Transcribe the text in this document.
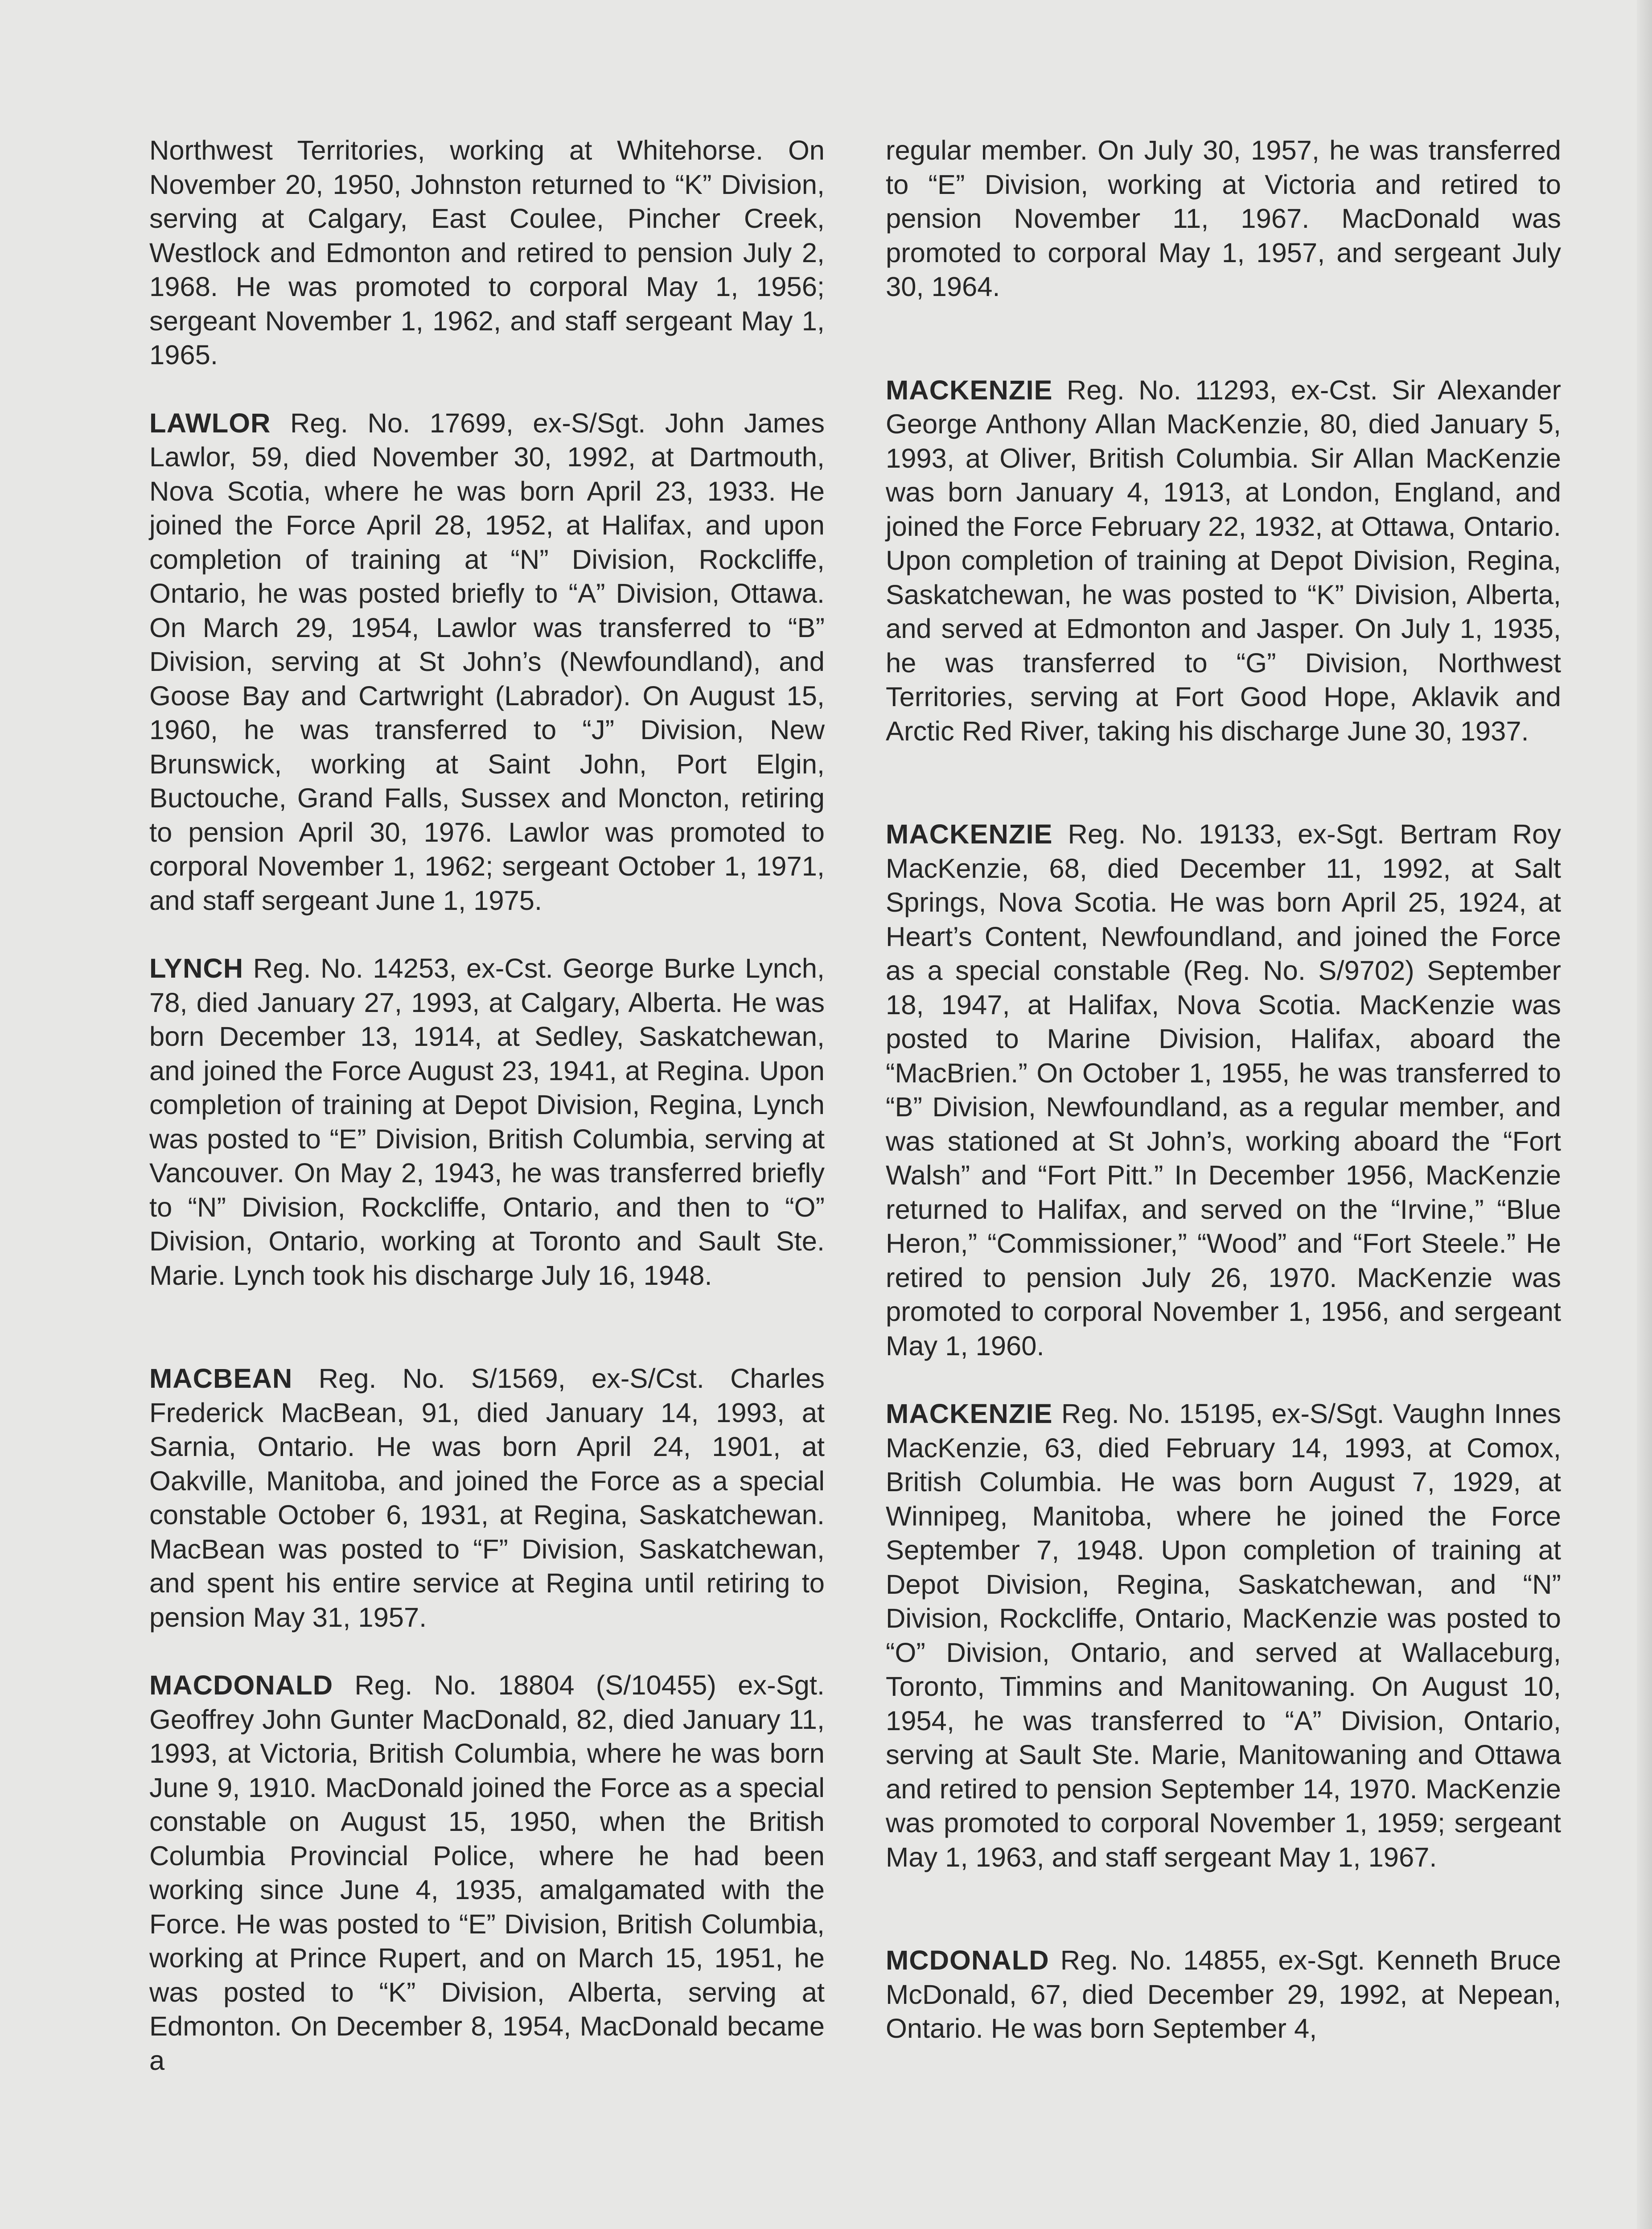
Northwest Territories, working at Whitehorse. On November 20, 1950, Johnston returned to “K” Division, serving at Calgary, East Coulee, Pincher Creek, Westlock and Edmonton and retired to pension July 2, 1968. He was promoted to corporal May 1, 1956; sergeant November 1, 1962, and staff sergeant May 1, 1965.

LAWLOR Reg. No. 17699, ex-S/Sgt. John James Lawlor, 59, died November 30, 1992, at Dartmouth, Nova Scotia, where he was born April 23, 1933. He joined the Force April 28, 1952, at Halifax, and upon completion of training at “N” Division, Rockcliffe, Ontario, he was posted briefly to “A” Division, Ottawa. On March 29, 1954, Lawlor was transferred to “B” Division, serving at St John’s (Newfoundland), and Goose Bay and Cartwright (Labrador). On August 15, 1960, he was transferred to “J” Division, New Brunswick, working at Saint John, Port Elgin, Buctouche, Grand Falls, Sussex and Moncton, retiring to pension April 30, 1976. Lawlor was promoted to corporal November 1, 1962; sergeant October 1, 1971, and staff sergeant June 1, 1975.

LYNCH Reg. No. 14253, ex-Cst. George Burke Lynch, 78, died January 27, 1993, at Calgary, Alberta. He was born December 13, 1914, at Sedley, Saskatchewan, and joined the Force August 23, 1941, at Regina. Upon completion of training at Depot Division, Regina, Lynch was posted to “E” Division, British Columbia, serving at Vancouver. On May 2, 1943, he was transferred briefly to “N” Division, Rockcliffe, Ontario, and then to “O” Division, Ontario, working at Toronto and Sault Ste. Marie. Lynch took his discharge July 16, 1948.

MACBEAN Reg. No. S/1569, ex-S/Cst. Charles Frederick MacBean, 91, died January 14, 1993, at Sarnia, Ontario. He was born April 24, 1901, at Oakville, Manitoba, and joined the Force as a special constable October 6, 1931, at Regina, Saskatchewan. MacBean was posted to “F” Division, Saskatchewan, and spent his entire service at Regina until retiring to pension May 31, 1957.

MACDONALD Reg. No. 18804 (S/10455) ex-Sgt. Geoffrey John Gunter MacDonald, 82, died January 11, 1993, at Victoria, British Columbia, where he was born June 9, 1910. MacDonald joined the Force as a special constable on August 15, 1950, when the British Columbia Provincial Police, where he had been working since June 4, 1935, amalgamated with the Force. He was posted to “E” Division, British Columbia, working at Prince Rupert, and on March 15, 1951, he was posted to “K” Division, Alberta, serving at Edmonton. On December 8, 1954, MacDonald became a

regular member. On July 30, 1957, he was transferred to “E” Division, working at Victoria and retired to pension November 11, 1967. MacDonald was promoted to corporal May 1, 1957, and sergeant July 30, 1964.

MACKENZIE Reg. No. 11293, ex-Cst. Sir Alexander George Anthony Allan MacKenzie, 80, died January 5, 1993, at Oliver, British Columbia. Sir Allan MacKenzie was born January 4, 1913, at London, England, and joined the Force February 22, 1932, at Ottawa, Ontario. Upon completion of training at Depot Division, Regina, Saskatchewan, he was posted to “K” Division, Alberta, and served at Edmonton and Jasper. On July 1, 1935, he was transferred to “G” Division, Northwest Territories, serving at Fort Good Hope, Aklavik and Arctic Red River, taking his discharge June 30, 1937.

MACKENZIE Reg. No. 19133, ex-Sgt. Bertram Roy MacKenzie, 68, died December 11, 1992, at Salt Springs, Nova Scotia. He was born April 25, 1924, at Heart’s Content, Newfoundland, and joined the Force as a special constable (Reg. No. S/9702) September 18, 1947, at Halifax, Nova Scotia. MacKenzie was posted to Marine Division, Halifax, aboard the “MacBrien.” On October 1, 1955, he was transferred to “B” Division, Newfoundland, as a regular member, and was stationed at St John’s, working aboard the “Fort Walsh” and “Fort Pitt.” In December 1956, MacKenzie returned to Halifax, and served on the “Irvine,” “Blue Heron,” “Commissioner,” “Wood” and “Fort Steele.” He retired to pension July 26, 1970. MacKenzie was promoted to corporal November 1, 1956, and sergeant May 1, 1960.

MACKENZIE Reg. No. 15195, ex-S/Sgt. Vaughn Innes MacKenzie, 63, died February 14, 1993, at Comox, British Columbia. He was born August 7, 1929, at Winnipeg, Manitoba, where he joined the Force September 7, 1948. Upon completion of training at Depot Division, Regina, Saskatchewan, and “N” Division, Rockcliffe, Ontario, MacKenzie was posted to “O” Division, Ontario, and served at Wallaceburg, Toronto, Timmins and Manitowaning. On August 10, 1954, he was transferred to “A” Division, Ontario, serving at Sault Ste. Marie, Manitowaning and Ottawa and retired to pension September 14, 1970. MacKenzie was promoted to corporal November 1, 1959; sergeant May 1, 1963, and staff sergeant May 1, 1967.

MCDONALD Reg. No. 14855, ex-Sgt. Kenneth Bruce McDonald, 67, died December 29, 1992, at Nepean, Ontario. He was born September 4,
